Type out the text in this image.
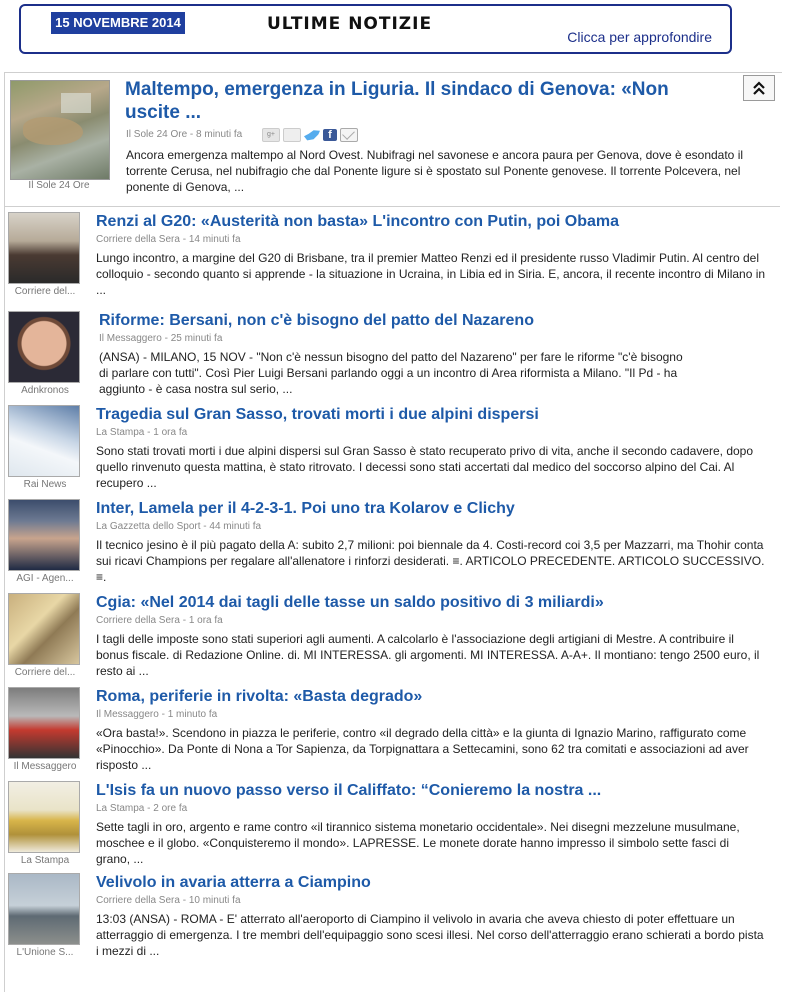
15 NOVEMBRE 2014	ULTIME NOTIZIE
Clicca per approfondire
Il Sole 24 Ore
Maltempo, emergenza in Liguria. Il sindaco di Genova: «Non uscite ...
Il Sole 24 Ore - 8 minuti fa	g+	f
Ancora emergenza maltempo al Nord Ovest. Nubifragi nel savonese e ancora paura per Genova, dove è esondato il torrente Cerusa, nel nubifragio che dal Ponente ligure si è spostato sul Ponente genovese. Il torrente Polcevera, nel ponente di Genova, ...
Corriere del...
Renzi al G20: «Austerità non basta» L'incontro con Putin, poi Obama
Corriere della Sera - 14 minuti fa
Lungo incontro, a margine del G20 di Brisbane, tra il premier Matteo Renzi ed il presidente russo Vladimir Putin. Al centro del colloquio - secondo quanto si apprende - la situazione in Ucraina, in Libia ed in Siria. E, ancora, il recente incontro di Milano in ...
Adnkronos
Riforme: Bersani, non c'è bisogno del patto del Nazareno
Il Messaggero - 25 minuti fa
(ANSA) - MILANO, 15 NOV - "Non c'è nessun bisogno del patto del Nazareno" per fare le riforme "c'è bisogno di parlare con tutti". Così Pier Luigi Bersani parlando oggi a un incontro di Area riformista a Milano. "Il Pd - ha aggiunto - è casa nostra sul serio, ...
Rai News
Tragedia sul Gran Sasso, trovati morti i due alpini dispersi
La Stampa - 1 ora fa
Sono stati trovati morti i due alpini dispersi sul Gran Sasso è stato recuperato privo di vita, anche il secondo cadavere, dopo quello rinvenuto questa mattina, è stato ritrovato. I decessi sono stati accertati dal medico del soccorso alpino del Cai. Al recupero ...
AGI - Agen...
Inter, Lamela per il 4-2-3-1. Poi uno tra Kolarov e Clichy
La Gazzetta dello Sport - 44 minuti fa
Il tecnico jesino è il più pagato della A: subito 2,7 milioni: poi biennale da 4. Costi-record coi 3,5 per Mazzarri, ma Thohir conta sui ricavi Champions per regalare all'allenatore i rinforzi desiderati. ≡. ARTICOLO PRECEDENTE. ARTICOLO SUCCESSIVO. ≡.
Corriere del...
Cgia: «Nel 2014 dai tagli delle tasse un saldo positivo di 3 miliardi»
Corriere della Sera - 1 ora fa
I tagli delle imposte sono stati superiori agli aumenti. A calcolarlo è l'associazione degli artigiani di Mestre. A contribuire il bonus fiscale. di Redazione Online. di. MI INTERESSA. gli argomenti. MI INTERESSA. A-A+. Il montiano: tengo 2500 euro, il resto ai ...
Il Messaggero
Roma, periferie in rivolta: «Basta degrado»
Il Messaggero - 1 minuto fa
«Ora basta!». Scendono in piazza le periferie, contro «il degrado della città» e la giunta di Ignazio Marino, raffigurato come «Pinocchio». Da Ponte di Nona a Tor Sapienza, da Torpignattara a Settecamini, sono 62 tra comitati e associazioni ad aver risposto ...
La Stampa
L'Isis fa un nuovo passo verso il Califfato: “Conieremo la nostra ...
La Stampa - 2 ore fa
Sette tagli in oro, argento e rame contro «il tirannico sistema monetario occidentale». Nei disegni mezzelune musulmane, moschee e il globo. «Conquisteremo il mondo». LAPRESSE. Le monete dorate hanno impresso il simbolo sette fasci di grano, ...
L'Unione S...
Velivolo in avaria atterra a Ciampino
Corriere della Sera - 10 minuti fa
13:03 (ANSA) - ROMA - E' atterrato all'aeroporto di Ciampino il velivolo in avaria che aveva chiesto di poter effettuare un atterraggio di emergenza. I tre membri dell'equipaggio sono scesi illesi. Nel corso dell'atterraggio erano schierati a bordo pista i mezzi di ...
